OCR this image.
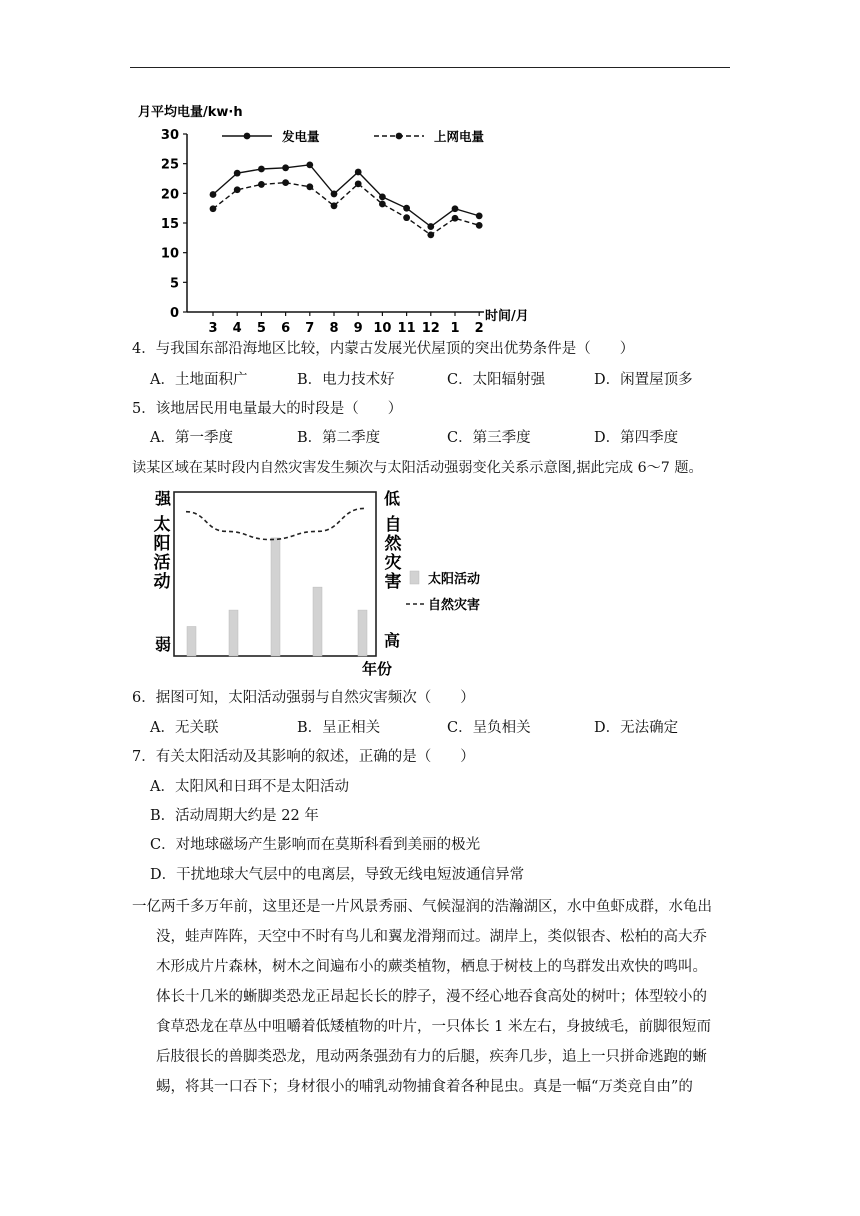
月平均电量/kw·h
发电量	上网电量
0
5
10
15
20
25
30
3 4 5 6 7 8 9 10 11 12 1 2
时间/月
4．与我国东部沿海地区比较，内蒙古发展光伏屋顶的突出优势条件是（　　）
A．土地面积广	B．电力技术好	C．太阳辐射强	D．闲置屋顶多
5．该地居民用电量最大的时段是（　　）
A．第一季度	B．第二季度	C．第三季度	D．第四季度
读某区域在某时段内自然灾害发生频次与太阳活动强弱变化关系示意图,据此完成 6～7 题。
强
太
阳
活
动
弱
低
自
然
灾
害
高
年份
太阳活动
自然灾害
6．据图可知，太阳活动强弱与自然灾害频次（　　）
A．无关联	B．呈正相关	C．呈负相关	D．无法确定
7．有关太阳活动及其影响的叙述，正确的是（　　）
A．太阳风和日珥不是太阳活动
B．活动周期大约是 22 年
C．对地球磁场产生影响而在莫斯科看到美丽的极光
D．干扰地球大气层中的电离层，导致无线电短波通信异常
一亿两千多万年前，这里还是一片风景秀丽、气候湿润的浩瀚湖区，水中鱼虾成群，水龟出
没，蛙声阵阵，天空中不时有鸟儿和翼龙滑翔而过。湖岸上，类似银杏、松柏的高大乔
木形成片片森林，树木之间遍布小的蕨类植物，栖息于树枝上的鸟群发出欢快的鸣叫。
体长十几米的蜥脚类恐龙正昂起长长的脖子，漫不经心地吞食高处的树叶；体型较小的
食草恐龙在草丛中咀嚼着低矮植物的叶片，一只体长 1 米左右，身披绒毛，前脚很短而
后肢很长的兽脚类恐龙，甩动两条强劲有力的后腿，疾奔几步，追上一只拼命逃跑的蜥
蜴，将其一口吞下；身材很小的哺乳动物捕食着各种昆虫。真是一幅“万类竞自由”的
